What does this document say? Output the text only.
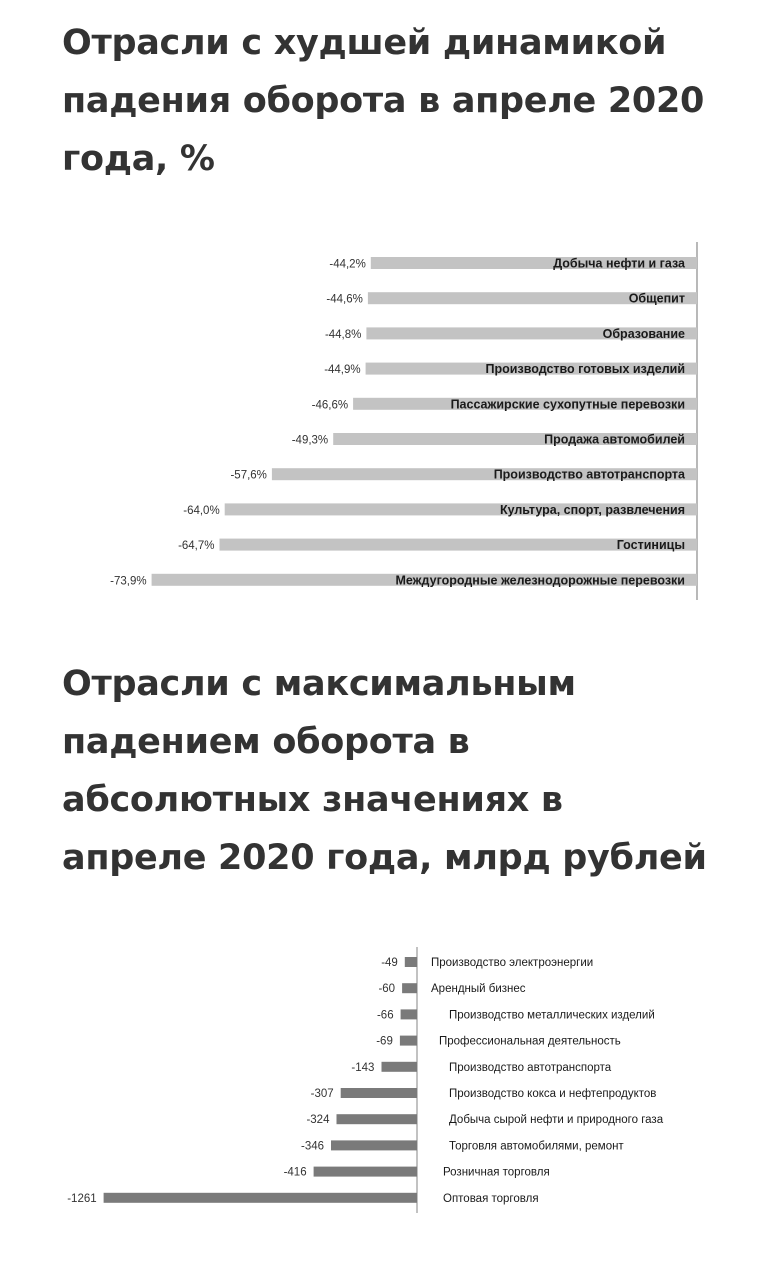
Отрасли с худшей динамикой
падения оборота в апреле 2020
года, %
Добыча нефти и газа
-44,2%
Общепит
-44,6%
Образование
-44,8%
Производство готовых изделий
-44,9%
Пассажирские сухопутные перевозки
-46,6%
Продажа автомобилей
-49,3%
Производство автотранспорта
-57,6%
Культура, спорт, развлечения
-64,0%
Гостиницы
-64,7%
Междугородные железнодорожные перевозки
-73,9%
Отрасли с максимальным
падением оборота в
абсолютных значениях в
апреле 2020 года, млрд рублей
Производство электроэнергии
-49
Арендный бизнес
-60
Производство металлических изделий
-66
Профессиональная деятельность
-69
Производство автотранспорта
-143
Производство кокса и нефтепродуктов
-307
Добыча сырой нефти и природного газа
-324
Торговля автомобилями, ремонт
-346
Розничная торговля
-416
Оптовая торговля
-1261
